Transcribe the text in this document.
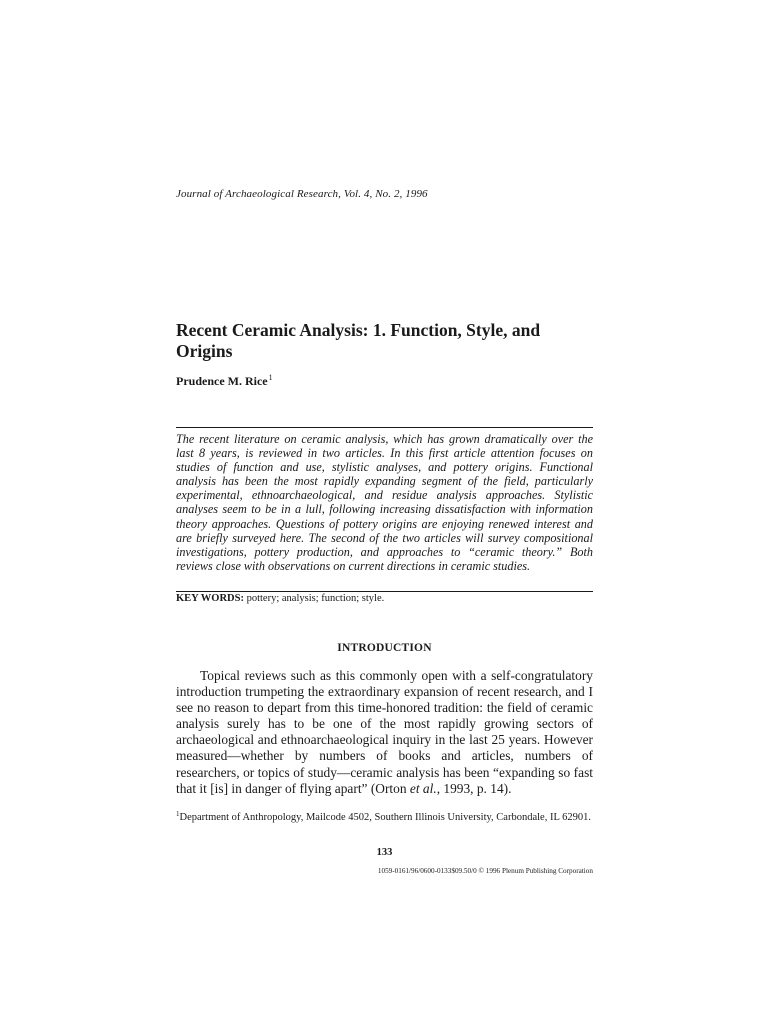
Journal of Archaeological Research, Vol. 4, No. 2, 1996
Recent Ceramic Analysis: 1. Function, Style, and Origins
Prudence M. Rice$^1$

The recent literature on ceramic analysis, which has grown dramatically over the last 8 years, is reviewed in two articles. In this first article attention focuses on studies of function and use, stylistic analyses, and pottery origins. Functional analysis has been the most rapidly expanding segment of the field, particularly experimental, ethnoarchaeological, and residue analysis approaches. Stylistic analyses seem to be in a lull, following increasing dissatisfaction with information theory approaches. Questions of pottery origins are enjoying renewed interest and are briefly surveyed here. The second of the two articles will survey compositional investigations, pottery production, and approaches to “ceramic theory.” Both reviews close with observations on current directions in ceramic studies.

KEY WORDS: pottery; analysis; function; style.
INTRODUCTION

Topical reviews such as this commonly open with a self-congratulatory introduction trumpeting the extraordinary expansion of recent research, and I see no reason to depart from this time-honored tradition: the field of ceramic analysis surely has to be one of the most rapidly growing sectors of archaeological and ethnoarchaeological inquiry in the last 25 years. However measured—whether by numbers of books and articles, numbers of researchers, or topics of study—ceramic analysis has been “expanding so fast that it [is] in danger of flying apart” (Orton et al., 1993, p. 14).

$^1$Department of Anthropology, Mailcode 4502, Southern Illinois University, Carbondale, IL 62901.

133
1059-0161/96/0600-0133$09.50/0 © 1996 Plenum Publishing Corporation
